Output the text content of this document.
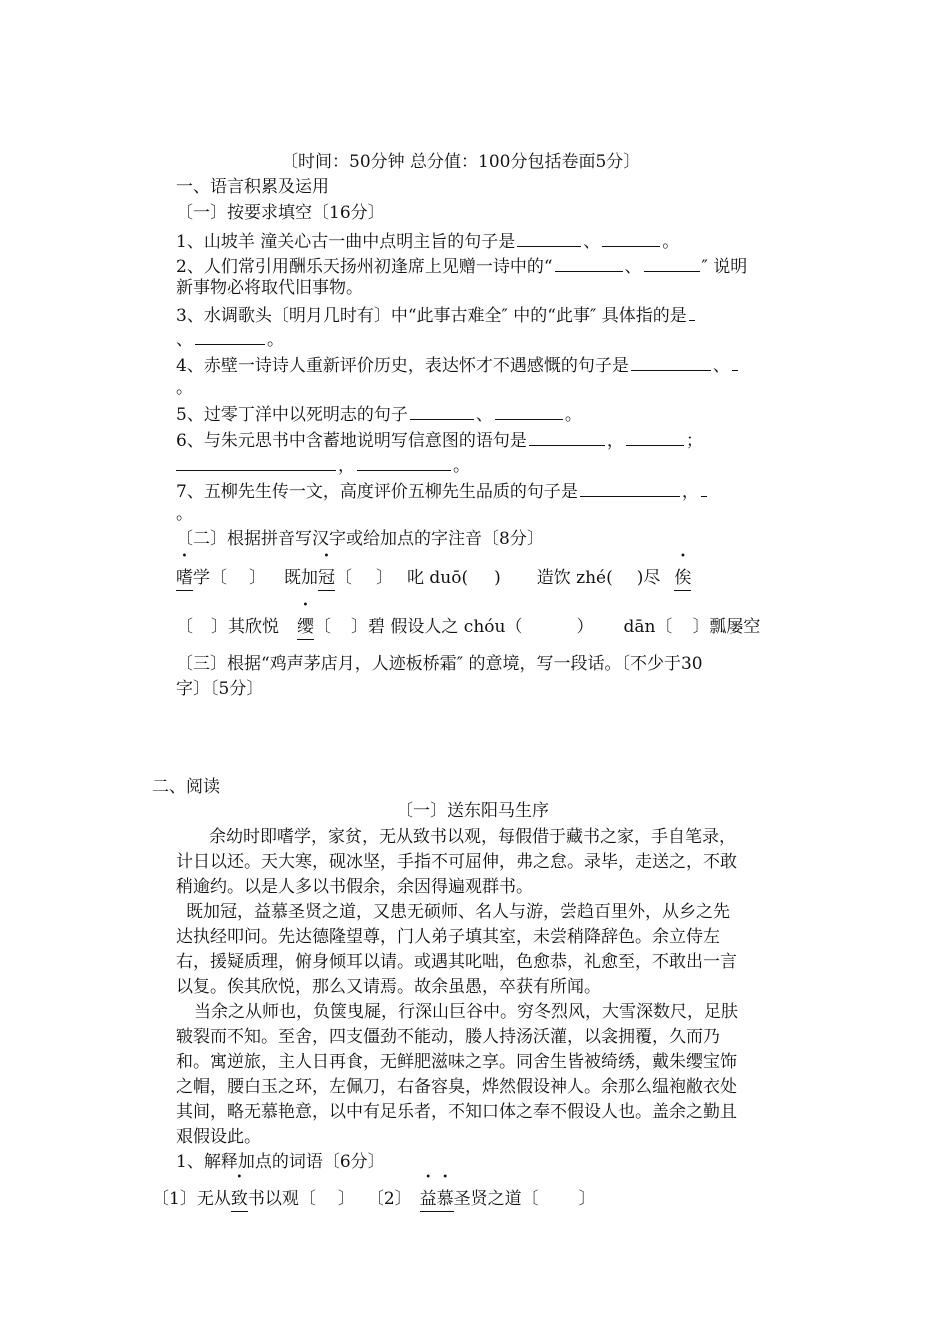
〔时间：50分钟 总分值：100分包括卷面5分〕
一、语言积累及运用
〔一〕按要求填空〔16分〕
1、山坡羊 潼关心古一曲中点明主旨的句子是	、	。
2、人们常引用酬乐天扬州初逢席上见赠一诗中的“	、	″ 说明
新事物必将取代旧事物。
3、水调歌头〔明月几时有〕中“此事古难全″ 中的“此事″ 具体指的是
、	。
4、赤壁一诗诗人重新评价历史，表达怀才不遇感慨的句子是	、
。
5、过零丁洋中以死明志的句子	、	。
6、与朱元思书中含蓄地说明写信意图的语句是	，	；
，	。
7、五柳先生传一文，高度评价五柳先生品质的句子是	，
。
〔二〕根据拼音写汉字或给加点的字注音〔8分〕
嗜学〔 〕 既加冠〔 〕 叱 duō( ) 造饮 zhé( )尽 俟
〔 〕其欣悦 缨〔 〕碧 假设人之 chóu（	） dān〔 〕瓢屡空
〔三〕根据“鸡声茅店月，人迹板桥霜″ 的意境，写一段话。〔不少于30
字〕〔5分〕
二、阅读
〔一〕送东阳马生序
余幼时即嗜学，家贫，无从致书以观，每假借于藏书之家，手自笔录，
计日以还。天大寒，砚冰坚，手指不可屈伸，弗之怠。录毕，走送之，不敢
稍逾约。以是人多以书假余，余因得遍观群书。
既加冠，益慕圣贤之道，又患无硕师、名人与游，尝趋百里外，从乡之先
达执经叩问。先达德隆望尊，门人弟子填其室，未尝稍降辞色。余立侍左
右，援疑质理，俯身倾耳以请。或遇其叱咄，色愈恭，礼愈至，不敢出一言
以复。俟其欣悦，那么又请焉。故余虽愚，卒获有所闻。
当余之从师也，负箧曳屣，行深山巨谷中。穷冬烈风，大雪深数尺，足肤
皲裂而不知。至舍，四支僵劲不能动，媵人持汤沃灌，以衾拥覆，久而乃
和。寓逆旅，主人日再食，无鲜肥滋味之享。同舍生皆被绮绣，戴朱缨宝饰
之帽，腰白玉之环，左佩刀，右备容臭，烨然假设神人。余那么缊袍敝衣处
其间，略无慕艳意，以中有足乐者，不知口体之奉不假设人也。盖余之勤且
艰假设此。
1、解释加点的词语〔6分〕
〔1〕无从致书以观〔 〕 〔2〕 益慕圣贤之道〔 〕
